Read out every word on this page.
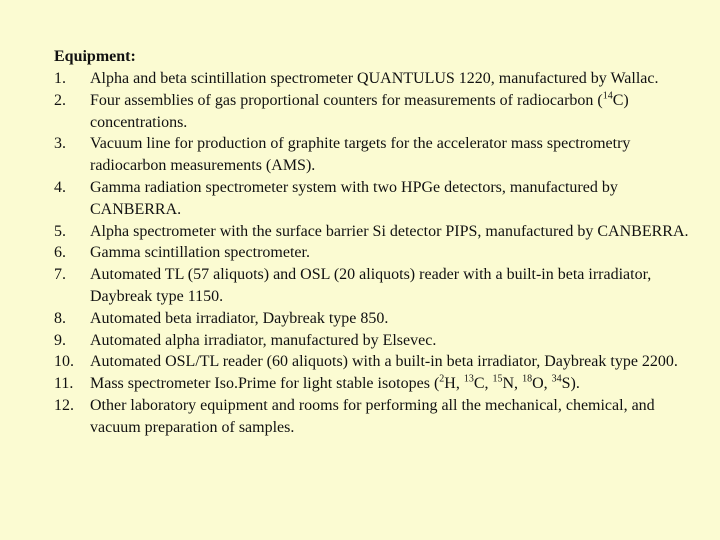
Equipment:

1.	Alpha and beta scintillation spectrometer QUANTULUS 1220, manufactured by Wallac.
2.	Four assemblies of gas proportional counters for measurements of radiocarbon ($^{14}$C) concentrations.
3.	Vacuum line for production of graphite targets for the accelerator mass spectrometry radiocarbon measurements (AMS).
4.	Gamma radiation spectrometer system with two HPGe detectors, manufactured by CANBERRA.
5.	Alpha spectrometer with the surface barrier Si detector PIPS, manufactured by CANBERRA.
6.	Gamma scintillation spectrometer.
7.	Automated TL (57 aliquots) and OSL (20 aliquots) reader with a built-in beta irradiator, Daybreak type 1150.
8.	Automated beta irradiator, Daybreak type 850.
9.	Automated alpha irradiator, manufactured by Elsevec.
10.	Automated OSL/TL reader (60 aliquots) with a built-in beta irradiator, Daybreak type 2200.
11.	Mass spectrometer Iso.Prime for light stable isotopes ($^2$H, $^{13}$C, $^{15}$N, $^{18}$O, $^{34}$S).
12.	Other laboratory equipment and rooms for performing all the mechanical, chemical, and vacuum preparation of samples.
